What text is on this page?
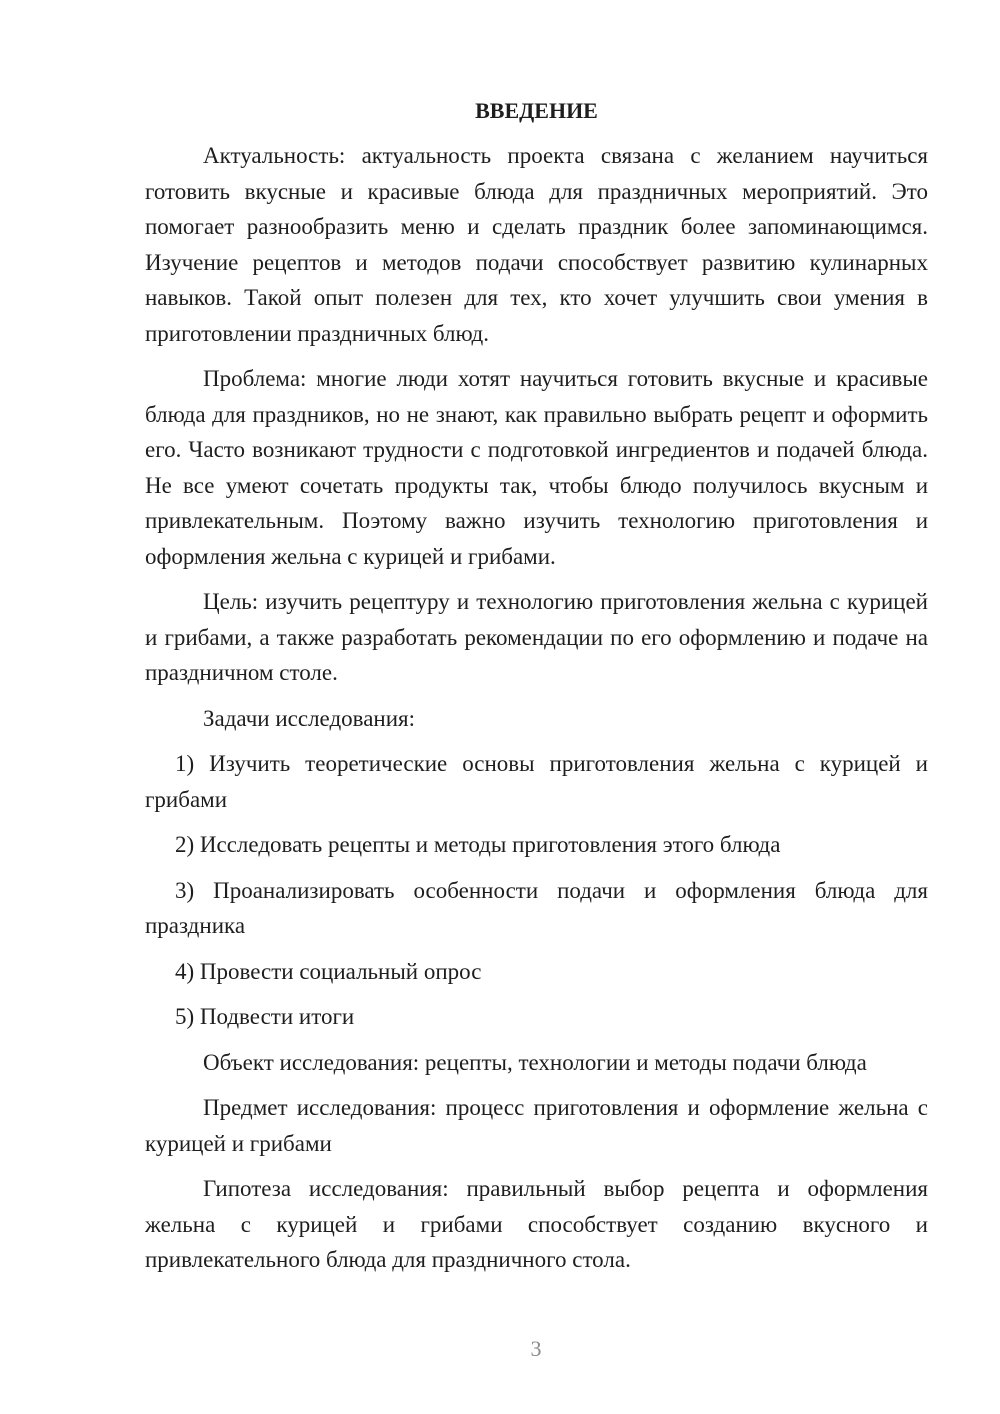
ВВЕДЕНИЕ

Актуальность: актуальность проекта связана с желанием научиться готовить вкусные и красивые блюда для праздничных мероприятий. Это помогает разнообразить меню и сделать праздник более запоминающимся. Изучение рецептов и методов подачи способствует развитию кулинарных навыков. Такой опыт полезен для тех, кто хочет улучшить свои умения в приготовлении праздничных блюд.

Проблема: многие люди хотят научиться готовить вкусные и красивые блюда для праздников, но не знают, как правильно выбрать рецепт и оформить его. Часто возникают трудности с подготовкой ингредиентов и подачей блюда. Не все умеют сочетать продукты так, чтобы блюдо получилось вкусным и привлекательным. Поэтому важно изучить технологию приготовления и оформления жельна с курицей и грибами.

Цель: изучить рецептуру и технологию приготовления жельна с курицей и грибами, а также разработать рекомендации по его оформлению и подаче на праздничном столе.

Задачи исследования:

1) Изучить теоретические основы приготовления жельна с курицей и грибами

2) Исследовать рецепты и методы приготовления этого блюда

3) Проанализировать особенности подачи и оформления блюда для праздника

4) Провести социальный опрос

5) Подвести итоги

Объект исследования: рецепты, технологии и методы подачи блюда

Предмет исследования: процесс приготовления и оформление жельна с курицей и грибами

Гипотеза исследования: правильный выбор рецепта и оформления жельна с курицей и грибами способствует созданию вкусного и привлекательного блюда для праздничного стола.

3
